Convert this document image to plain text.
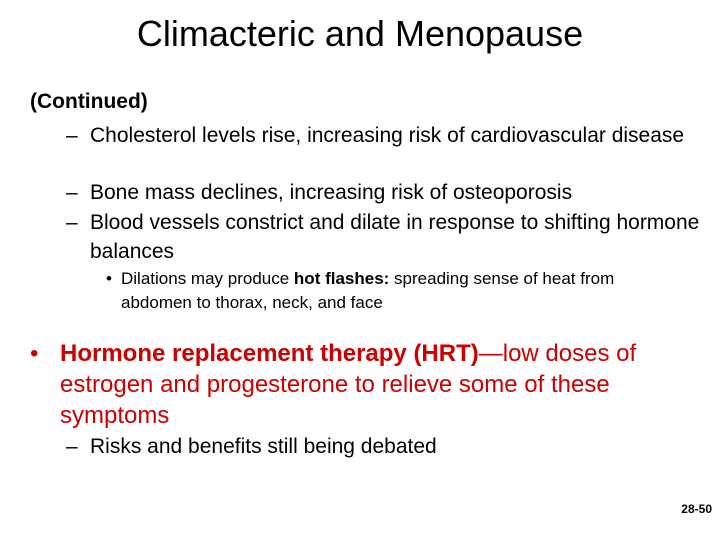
Climacteric and Menopause
(Continued)
– Cholesterol levels rise, increasing risk of cardiovascular disease
– Bone mass declines, increasing risk of osteoporosis
– Blood vessels constrict and dilate in response to shifting hormone balances
• Dilations may produce hot flashes: spreading sense of heat from abdomen to thorax, neck, and face
• Hormone replacement therapy (HRT)—low doses of estrogen and progesterone to relieve some of these symptoms
– Risks and benefits still being debated
28-50
